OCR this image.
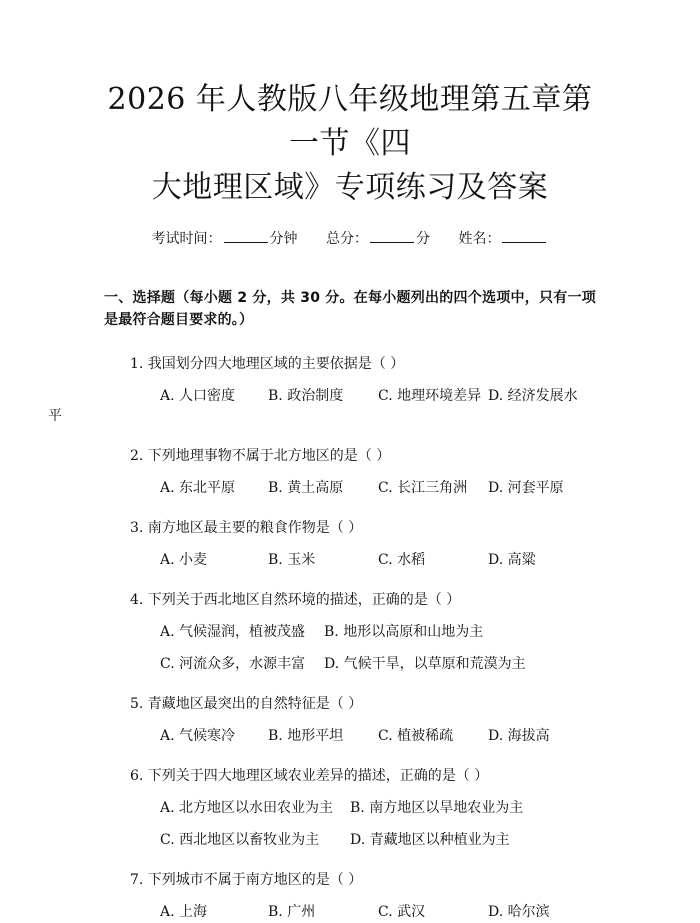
2026 年人教版八年级地理第五章第一节《四
大地理区域》专项练习及答案
考试时间：	分钟 总分：	分 姓名：
一、选择题（每小题 2 分，共 30 分。在每小题列出的四个选项中，只有一项是最符合题目要求的。）
1. 我国划分四大地理区域的主要依据是（ ）
A. 人口密度	B. 政治制度	C. 地理环境差异 D. 经济发展水
平
2. 下列地理事物不属于北方地区的是（ ）
A. 东北平原	B. 黄土高原	C. 长江三角洲	D. 河套平原
3. 南方地区最主要的粮食作物是（ ）
A. 小麦	B. 玉米	C. 水稻	D. 高粱
4. 下列关于西北地区自然环境的描述，正确的是（ ）
A. 气候湿润，植被茂盛	B. 地形以高原和山地为主
C. 河流众多，水源丰富	D. 气候干旱，以草原和荒漠为主
5. 青藏地区最突出的自然特征是（ ）
A. 气候寒冷	B. 地形平坦	C. 植被稀疏	D. 海拔高
6. 下列关于四大地理区域农业差异的描述，正确的是（ ）
A. 北方地区以水田农业为主	B. 南方地区以旱地农业为主
C. 西北地区以畜牧业为主	D. 青藏地区以种植业为主
7. 下列城市不属于南方地区的是（ ）
A. 上海	B. 广州	C. 武汉	D. 哈尔滨
